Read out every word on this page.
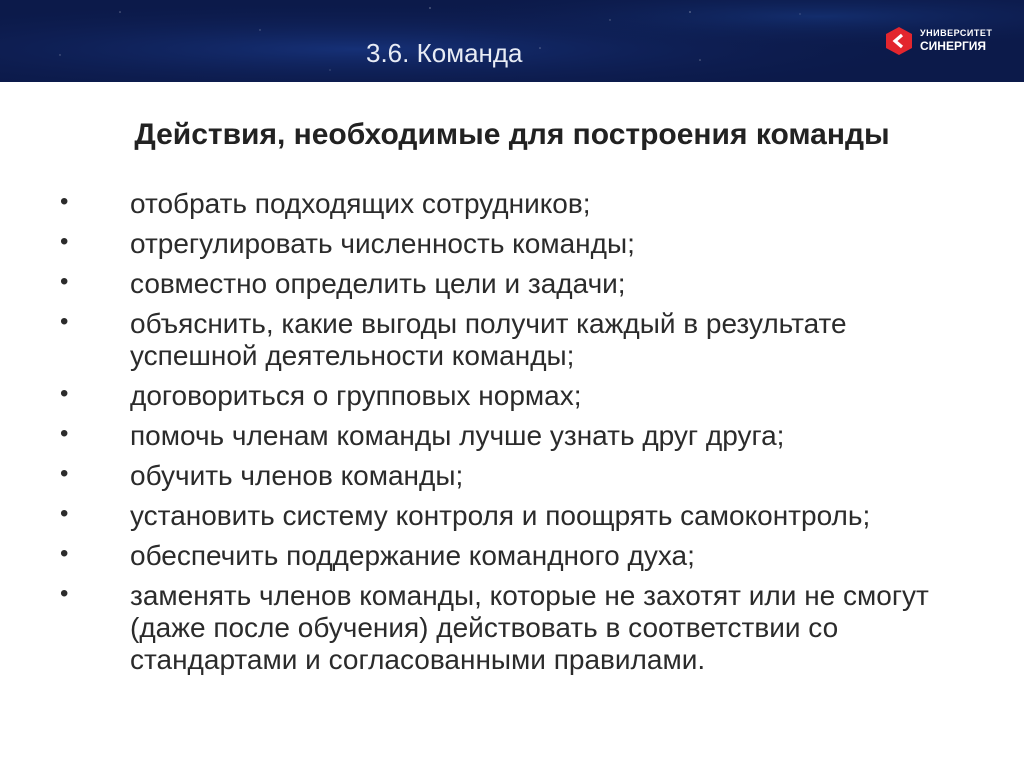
3.6. Команда
УНИВЕРСИТЕТ
СИНЕРГИЯ
Действия, необходимые для построения команды
• отобрать подходящих сотрудников;
• отрегулировать численность команды;
• совместно определить цели и задачи;
• объяснить, какие выгоды получит каждый в результате успешной деятельности команды;
• договориться о групповых нормах;
• помочь членам команды лучше узнать друг друга;
• обучить членов команды;
• установить систему контроля и поощрять самоконтроль;
• обеспечить поддержание командного духа;
• заменять членов команды, которые не захотят или не смогут (даже после обучения) действовать в соответствии со стандартами и согласованными правилами.
